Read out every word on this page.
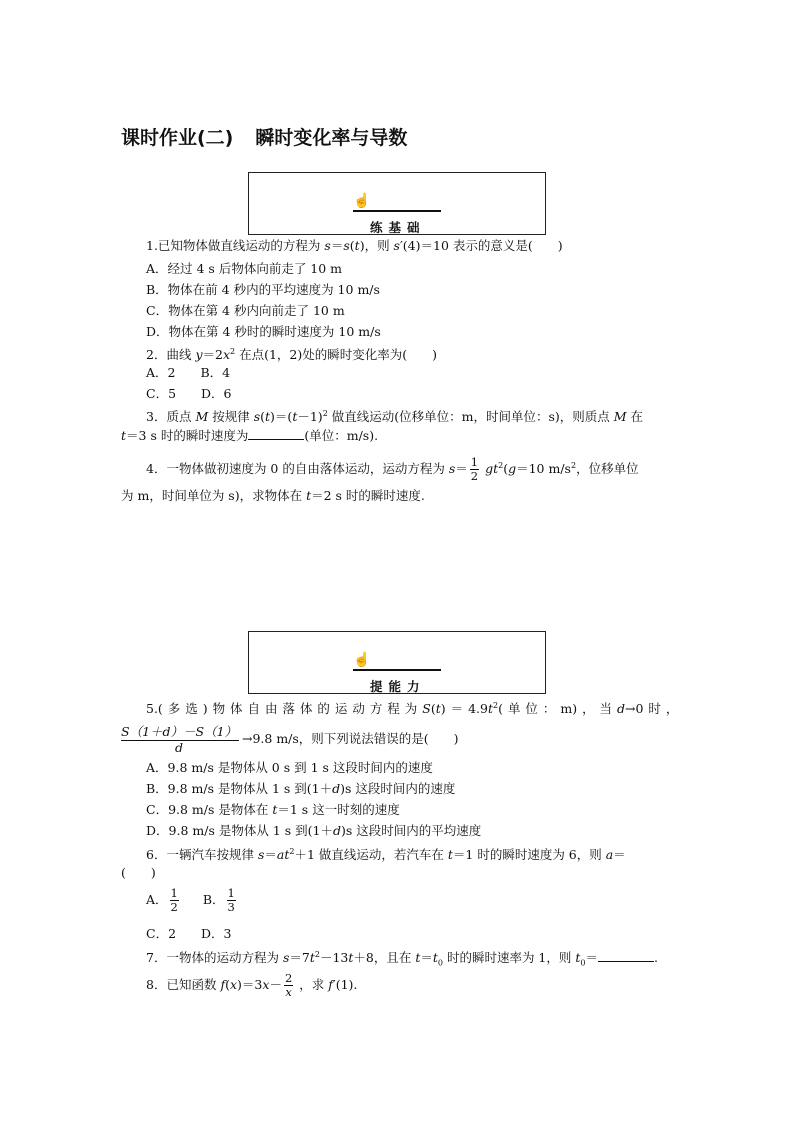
课时作业(二) 瞬时变化率与导数
☝
练基础
1.已知物体做直线运动的方程为 s＝s(t)，则 s′(4)＝10 表示的意义是(　　)
A．经过 4 s 后物体向前走了 10 m
B．物体在前 4 秒内的平均速度为 10 m/s
C．物体在第 4 秒内向前走了 10 m
D．物体在第 4 秒时的瞬时速度为 10 m/s
2．曲线 $y=2x^2$ 在点(1，2)处的瞬时变化率为(　　)
A．2　　B．4
C．5　　D．6
3．质点 M 按规律 $s(t)=(t-1)^2$ 做直线运动(位移单位：m，时间单位：s)，则质点 M 在
t＝3 s 时的瞬时速度为	(单位：m/s).
4．一物体做初速度为 0 的自由落体运动，运动方程为 $s= \frac{1}{2} gt^2(g=10$ $m/s^2$，位移单位
为 m，时间单位为 s)，求物体在 t＝2 s 时的瞬时速度.
☝
提能力
5.( 多 选 ) 物 体 自 由 落 体 的 运 动 方 程 为 $S(t) = 4.9t^2$( 单 位 ： m) ， 当 d→0 时 ，
S（1＋d）－S（1）
d
→9.8 m/s，则下列说法错误的是(　　)
A．9.8 m/s 是物体从 0 s 到 1 s 这段时间内的速度
B．9.8 m/s 是物体从 1 s 到(1＋d)s 这段时间内的速度
C．9.8 m/s 是物体在 t＝1 s 这一时刻的速度
D．9.8 m/s 是物体从 1 s 到(1＋d)s 这段时间内的平均速度
6．一辆汽车按规律 $s=at^2+1$ 做直线运动，若汽车在 t＝1 时的瞬时速度为 6，则 a＝
(　　)
A． $\frac{1}{2}$ B． $\frac{1}{3}$
C．2　　D．3
7．一物体的运动方程为 $s=7t^2-13t+8$，且在 $t=t_0$ 时的瞬时速率为 1，则 $t_0=$	.
8．已知函数 $f(x)=3x- \frac{2}{x}$ ，求 f′(1).
